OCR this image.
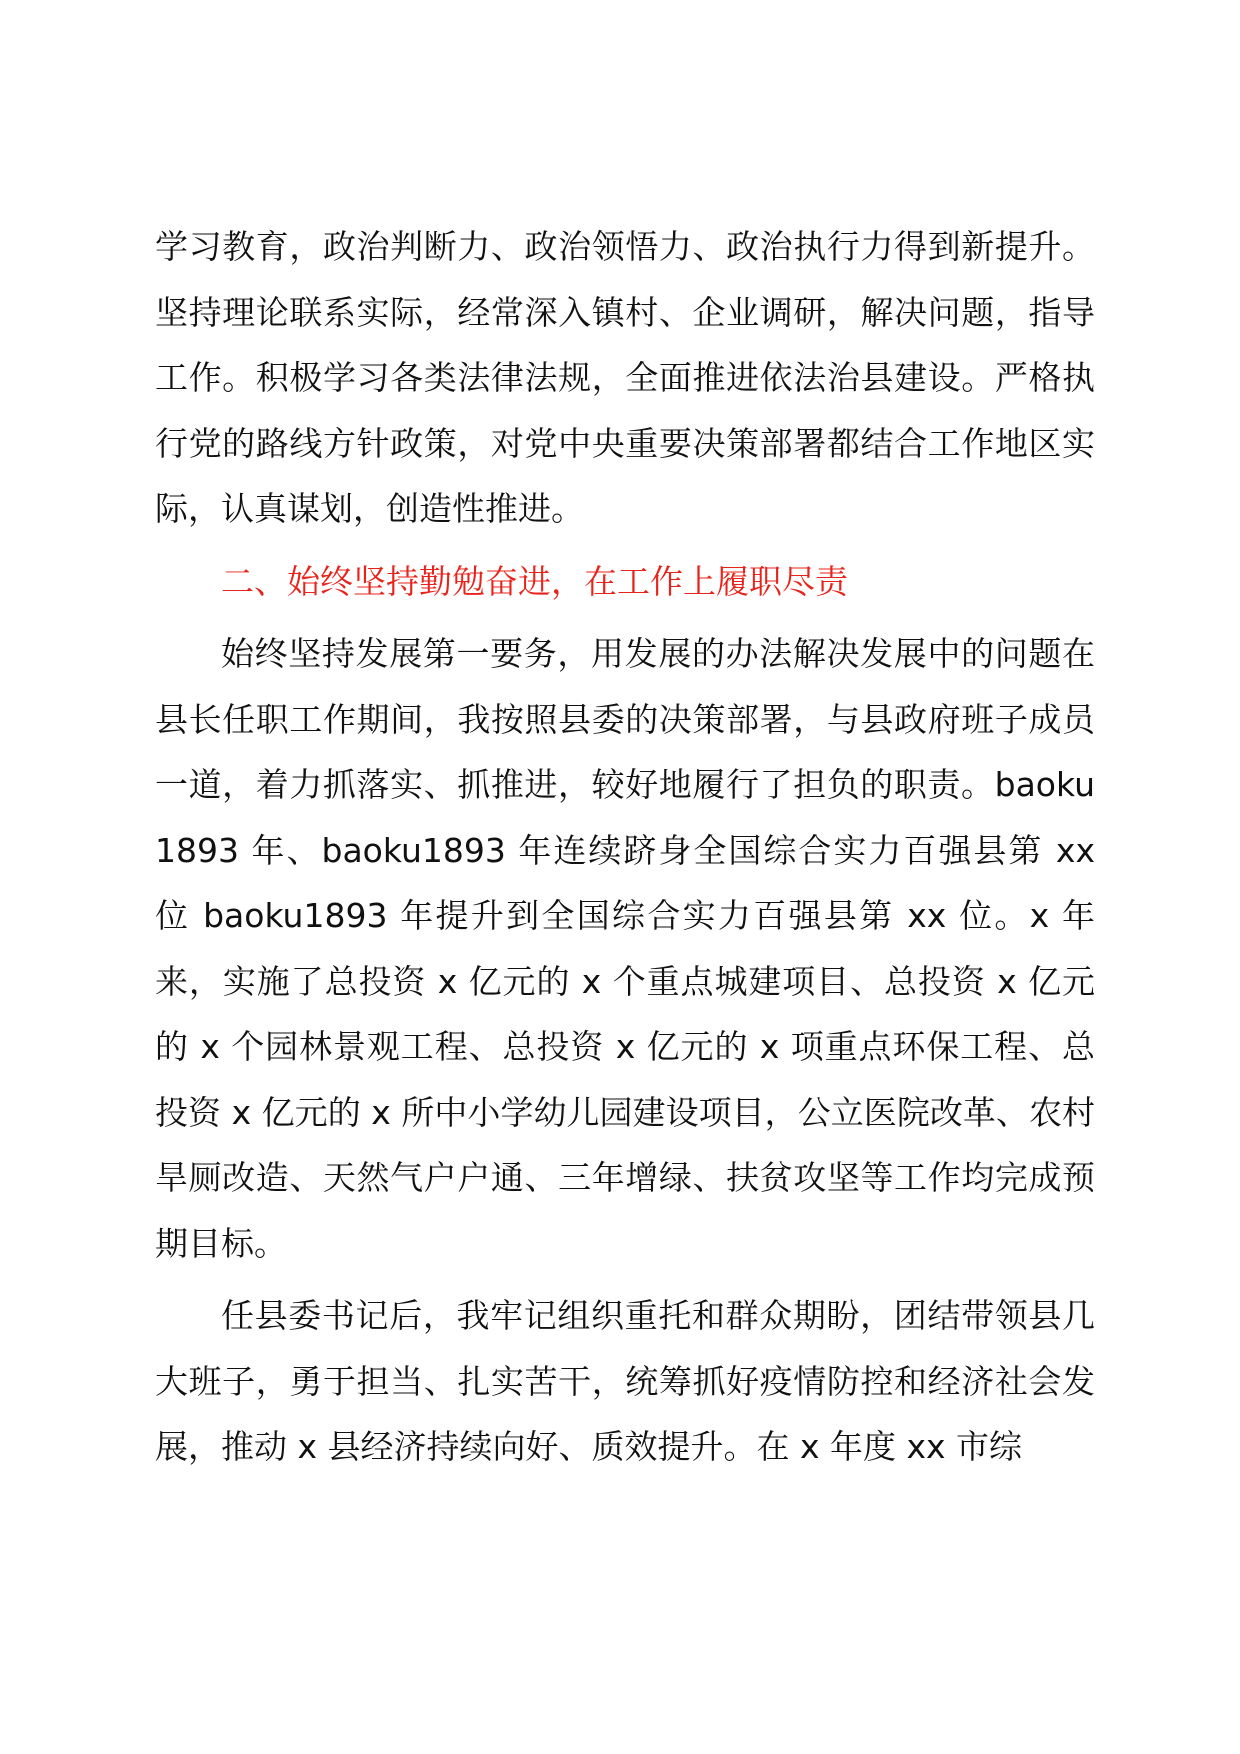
学习教育，政治判断力、政治领悟力、政治执行力得到新提升。坚持理论联系实际，经常深入镇村、企业调研，解决问题，指导工作。积极学习各类法律法规，全面推进依法治县建设。严格执行党的路线方针政策，对党中央重要决策部署都结合工作地区实际，认真谋划，创造性推进。

二、始终坚持勤勉奋进，在工作上履职尽责

始终坚持发展第一要务，用发展的办法解决发展中的问题在县长任职工作期间，我按照县委的决策部署，与县政府班子成员一道，着力抓落实、抓推进，较好地履行了担负的职责。baoku1893 年、baoku1893 年连续跻身全国综合实力百强县第 xx 位 baoku1893 年提升到全国综合实力百强县第 xx 位。x 年来，实施了总投资 x 亿元的 x 个重点城建项目、总投资 x 亿元的 x 个园林景观工程、总投资 x 亿元的 x 项重点环保工程、总投资 x 亿元的 x 所中小学幼儿园建设项目，公立医院改革、农村旱厕改造、天然气户户通、三年增绿、扶贫攻坚等工作均完成预期目标。

任县委书记后，我牢记组织重托和群众期盼，团结带领县几大班子，勇于担当、扎实苦干，统筹抓好疫情防控和经济社会发展，推动 x 县经济持续向好、质效提升。在 x 年度 xx 市综
